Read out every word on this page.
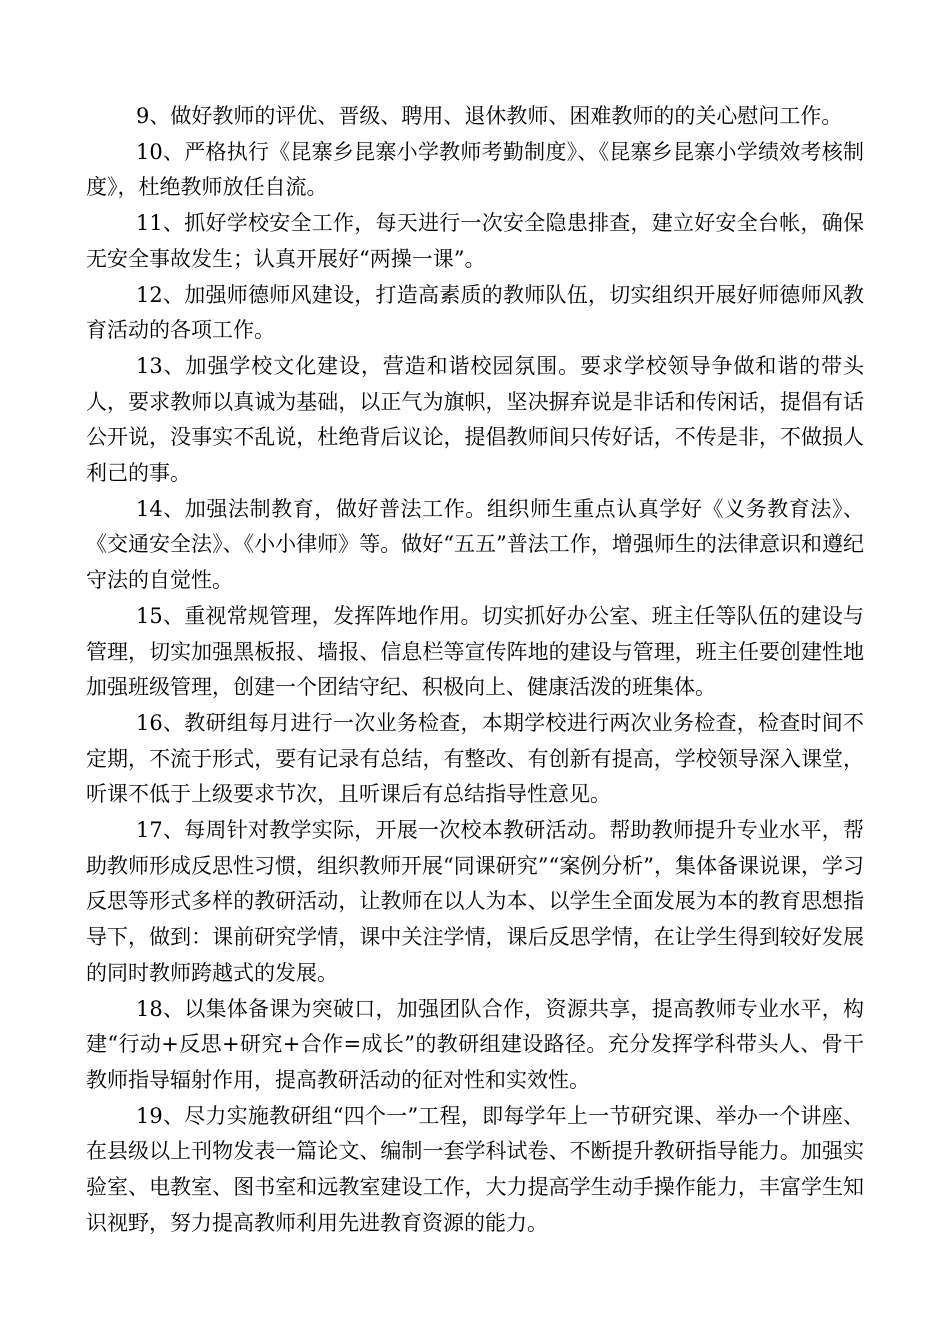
9、做好教师的评优、晋级、聘用、退休教师、困难教师的的关心慰问工作。

10、严格执行《昆寨乡昆寨小学教师考勤制度》、《昆寨乡昆寨小学绩效考核制度》，杜绝教师放任自流。

11、抓好学校安全工作，每天进行一次安全隐患排查，建立好安全台帐，确保无安全事故发生；认真开展好“两操一课”。

12、加强师德师风建设，打造高素质的教师队伍，切实组织开展好师德师风教育活动的各项工作。

13、加强学校文化建设，营造和谐校园氛围。要求学校领导争做和谐的带头人，要求教师以真诚为基础，以正气为旗帜，坚决摒弃说是非话和传闲话，提倡有话公开说，没事实不乱说，杜绝背后议论，提倡教师间只传好话，不传是非，不做损人利己的事。

14、加强法制教育，做好普法工作。组织师生重点认真学好《义务教育法》、《交通安全法》、《小小律师》等。做好“五五”普法工作，增强师生的法律意识和遵纪守法的自觉性。

15、重视常规管理，发挥阵地作用。切实抓好办公室、班主任等队伍的建设与管理，切实加强黑板报、墙报、信息栏等宣传阵地的建设与管理，班主任要创建性地加强班级管理，创建一个团结守纪、积极向上、健康活泼的班集体。

16、教研组每月进行一次业务检查，本期学校进行两次业务检查，检查时间不定期，不流于形式，要有记录有总结，有整改、有创新有提高，学校领导深入课堂，听课不低于上级要求节次，且听课后有总结指导性意见。

17、每周针对教学实际，开展一次校本教研活动。帮助教师提升专业水平，帮助教师形成反思性习惯，组织教师开展“同课研究”“案例分析”，集体备课说课，学习反思等形式多样的教研活动，让教师在以人为本、以学生全面发展为本的教育思想指导下，做到：课前研究学情，课中关注学情，课后反思学情，在让学生得到较好发展的同时教师跨越式的发展。

18、以集体备课为突破口，加强团队合作，资源共享，提高教师专业水平，构建“行动+反思+研究+合作=成长”的教研组建设路径。充分发挥学科带头人、骨干教师指导辐射作用，提高教研活动的征对性和实效性。

19、尽力实施教研组“四个一”工程，即每学年上一节研究课、举办一个讲座、在县级以上刊物发表一篇论文、编制一套学科试卷、不断提升教研指导能力。加强实验室、电教室、图书室和远教室建设工作，大力提高学生动手操作能力，丰富学生知识视野，努力提高教师利用先进教育资源的能力。
